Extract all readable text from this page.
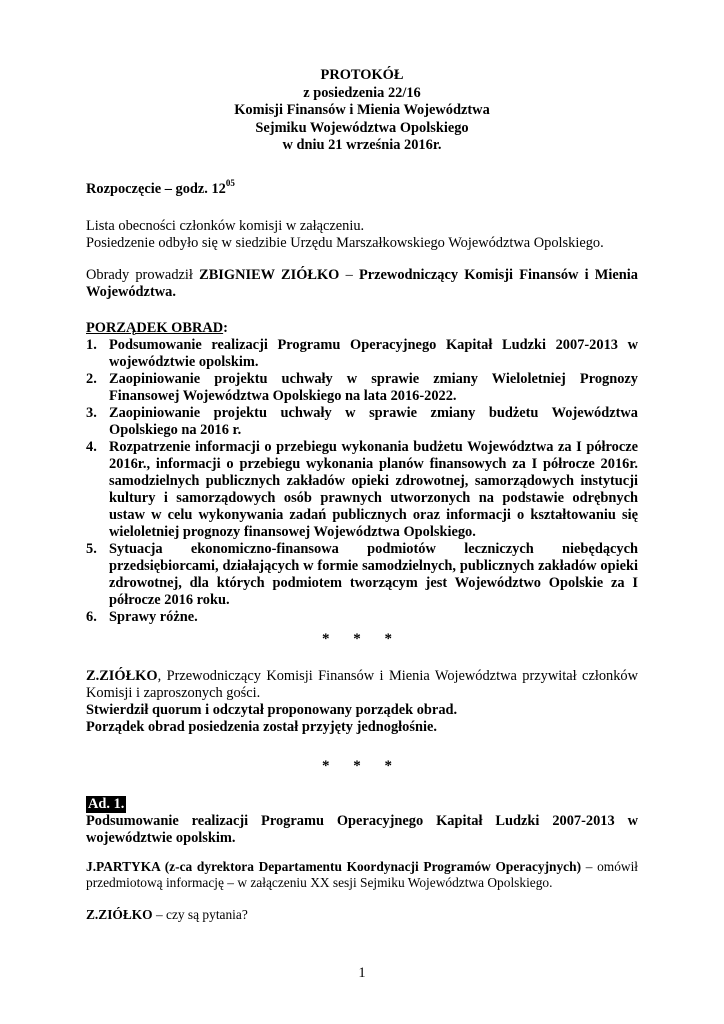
PROTOKÓŁ
z posiedzenia 22/16
Komisji Finansów i Mienia Województwa
Sejmiku Województwa Opolskiego
w dniu 21 września 2016r.
Rozpoczęcie – godz. $12^{05}$
Lista obecności członków komisji w załączeniu.
Posiedzenie odbyło się w siedzibie Urzędu Marszałkowskiego Województwa Opolskiego.
Obrady prowadził ZBIGNIEW ZIÓŁKO – Przewodniczący Komisji Finansów i Mienia Województwa.
PORZĄDEK OBRAD:
1. Podsumowanie realizacji Programu Operacyjnego Kapitał Ludzki 2007-2013 w województwie opolskim.
2. Zaopiniowanie projektu uchwały w sprawie zmiany Wieloletniej Prognozy Finansowej Województwa Opolskiego na lata 2016-2022.
3. Zaopiniowanie projektu uchwały w sprawie zmiany budżetu Województwa Opolskiego na 2016 r.
4. Rozpatrzenie informacji o przebiegu wykonania budżetu Województwa za I półrocze 2016r., informacji o przebiegu wykonania planów finansowych za I półrocze 2016r. samodzielnych publicznych zakładów opieki zdrowotnej, samorządowych instytucji kultury i samorządowych osób prawnych utworzonych na podstawie odrębnych ustaw w celu wykonywania zadań publicznych oraz informacji o kształtowaniu się wieloletniej prognozy finansowej Województwa Opolskiego.
5. Sytuacja ekonomiczno-finansowa podmiotów leczniczych niebędących przedsiębiorcami, działających w formie samodzielnych, publicznych zakładów opieki zdrowotnej, dla których podmiotem tworzącym jest Województwo Opolskie za I półrocze 2016 roku.
6. Sprawy różne.
* * *
Z.ZIÓŁKO, Przewodniczący Komisji Finansów i Mienia Województwa przywitał członków Komisji i zaproszonych gości.
Stwierdził quorum i odczytał proponowany porządek obrad.
Porządek obrad posiedzenia został przyjęty jednogłośnie.
* * *
Ad. 1.
Podsumowanie realizacji Programu Operacyjnego Kapitał Ludzki 2007-2013 w województwie opolskim.
J.PARTYKA (z-ca dyrektora Departamentu Koordynacji Programów Operacyjnych) – omówił przedmiotową informację – w załączeniu XX sesji Sejmiku Województwa Opolskiego.
Z.ZIÓŁKO – czy są pytania?
1
